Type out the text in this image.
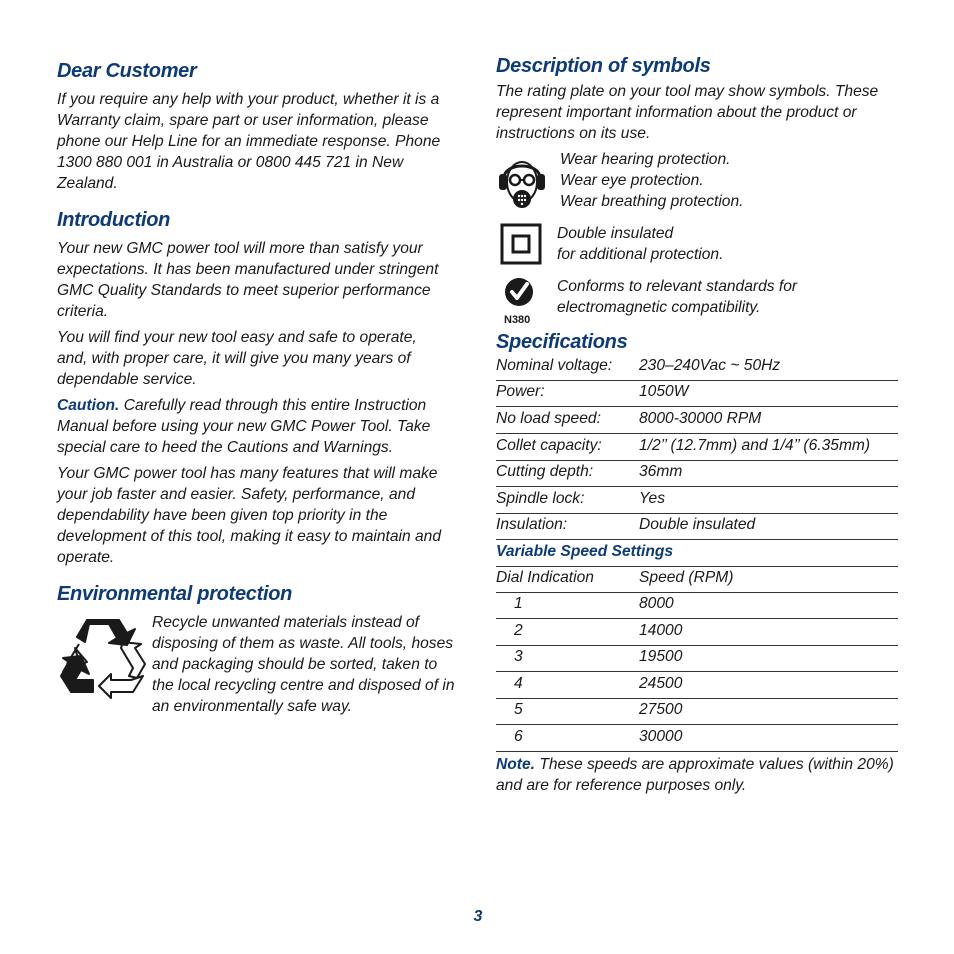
Dear Customer

If you require any help with your product, whether it is a Warranty claim, spare part or user information, please phone our Help Line for an immediate response. Phone 1300 880 001 in Australia or 0800 445 721 in New Zealand.

Introduction

Your new GMC power tool will more than satisfy your expectations. It has been manufactured under stringent GMC Quality Standards to meet superior performance criteria.

You will find your new tool easy and safe to operate, and, with proper care, it will give you many years of dependable service.

Caution. Carefully read through this entire Instruction Manual before using your new GMC Power Tool. Take special care to heed the Cautions and Warnings.

Your GMC power tool has many features that will make your job faster and easier. Safety, performance, and dependability have been given top priority in the development of this tool, making it easy to maintain and operate.

Environmental protection

Recycle unwanted materials instead of disposing of them as waste. All tools, hoses and packaging should be sorted, taken to the local recycling centre and disposed of in an environmentally safe way.

Description of symbols

The rating plate on your tool may show symbols. These represent important information about the product or instructions on its use.

Wear hearing protection.

Wear eye protection.

Wear breathing protection.

Double insulated

for additional protection.

N380

Conforms to relevant standards for

electromagnetic compatibility.

Specifications
Nominal voltage: 230–240Vac ~ 50Hz
Power:	1050W
No load speed: 8000-30000 RPM
Collet capacity: 1/2’’ (12.7mm) and 1/4’’ (6.35mm)
Cutting depth:	36mm
Spindle lock:	Yes
Insulation:	Double insulated
Variable Speed Settings
Dial Indication	Speed (RPM)
1	8000
2	14000
3	19500
4	24500
5	27500
6	30000

Note. These speeds are approximate values (within 20%) and are for reference purposes only.

3
